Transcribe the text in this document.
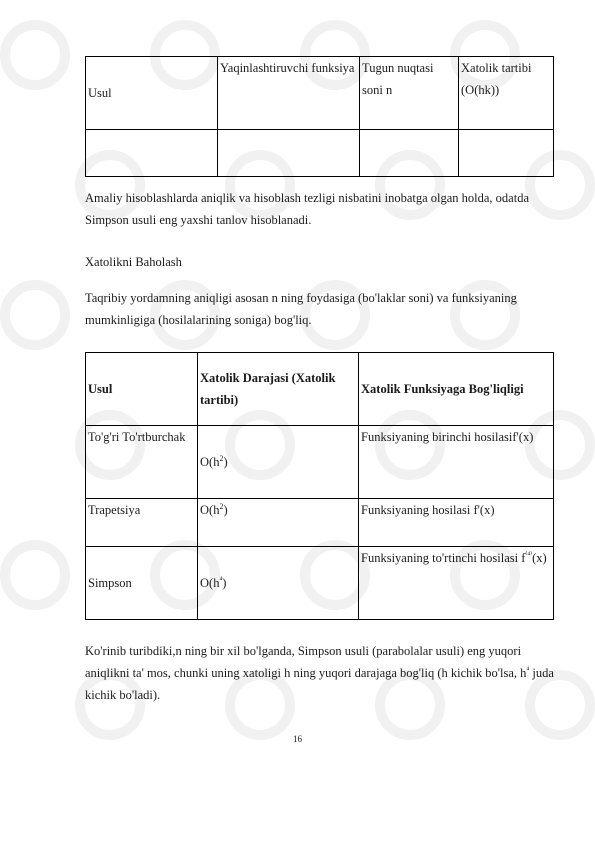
Usul	Yaqinlashtiruvchi funksiya	Tugun nuqtasi soni n	Xatolik tartibi (O(hk))

Amaliy hisoblashlarda aniqlik va hisoblash tezligi nisbatini inobatga olgan holda, odatda Simpson usuli eng yaxshi tanlov hisoblanadi.

Xatolikni Baholash

Taqribiy yordamning aniqligi asosan n ning foydasiga (bo'laklar soni) va funksiyaning mumkinligiga (hosilalarining soniga) bog'liq.

Usul	Xatolik Darajasi (Xatolik tartibi)	Xatolik Funksiyaga Bog'liqligi
To'g'ri To'rtburchak	$O(h^2)$	Funksiyaning birinchi hosilasif'(x)
Trapetsiya	$O(h^2)$	Funksiyaning hosilasi f'(x)
Simpson	$O(h^{^4})$	Funksiyaning to'rtinchi hosilasi $f^{^{(4)}}(x)$

Ko'rinib turibdiki,n ning bir xil bo'lganda, Simpson usuli (parabolalar usuli) eng yuqori aniqlikni ta' mos, chunki uning xatoligi h ning yuqori darajaga bog'liq (h kichik bo'lsa, $h^{^4}$ juda kichik bo'ladi).

16
